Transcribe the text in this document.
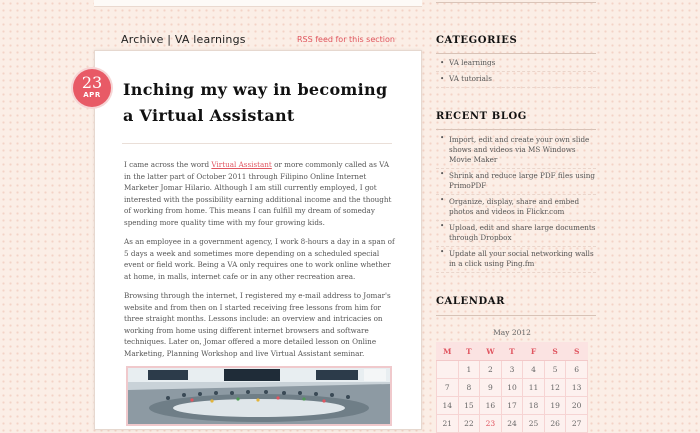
Archive | VA learnings	RSS feed for this section
23
APR	Inching my way in becoming a Virtual Assistant

I came across the word Virtual Assistant or more commonly called as VA in the latter part of October 2011 through Filipino Online Internet Marketer Jomar Hilario. Although I am still currently employed, I got interested with the possibility earning additional income and the thought of working from home. This means I can fulfill my dream of someday spending more quality time with my four growing kids.

As an employee in a government agency, I work 8-hours a day in a span of 5 days a week and sometimes more depending on a scheduled special event or field work. Being a VA only requires one to work online whether at home, in malls, internet cafe or in any other recreation area.

Browsing through the internet, I registered my e-mail address to Jomar's website and from then on I started receiving free lessons from him for three straight months. Lessons include: an overview and intricacies on working from home using different internet browsers and software techniques. Later on, Jomar offered a more detailed lesson on Online Marketing, Planning Workshop and live Virtual Assistant seminar.

CATEGORIES
• VA learnings
• VA tutorials
RECENT BLOG
• Import, edit and create your own slide shows and videos via MS Windows Movie Maker
• Shrink and reduce large PDF files using PrimoPDF
• Organize, display, share and embed photos and videos in Flickr.com
• Upload, edit and share large documents through Dropbox
• Update all your social networking walls in a click using Ping.fm
CALENDAR
May 2012
M	T	W	T	F	S	S
	1	2	3	4	5	6
7	8	9	10	11	12	13
14	15	16	17	18	19	20
21	22	23	24	25	26	27
